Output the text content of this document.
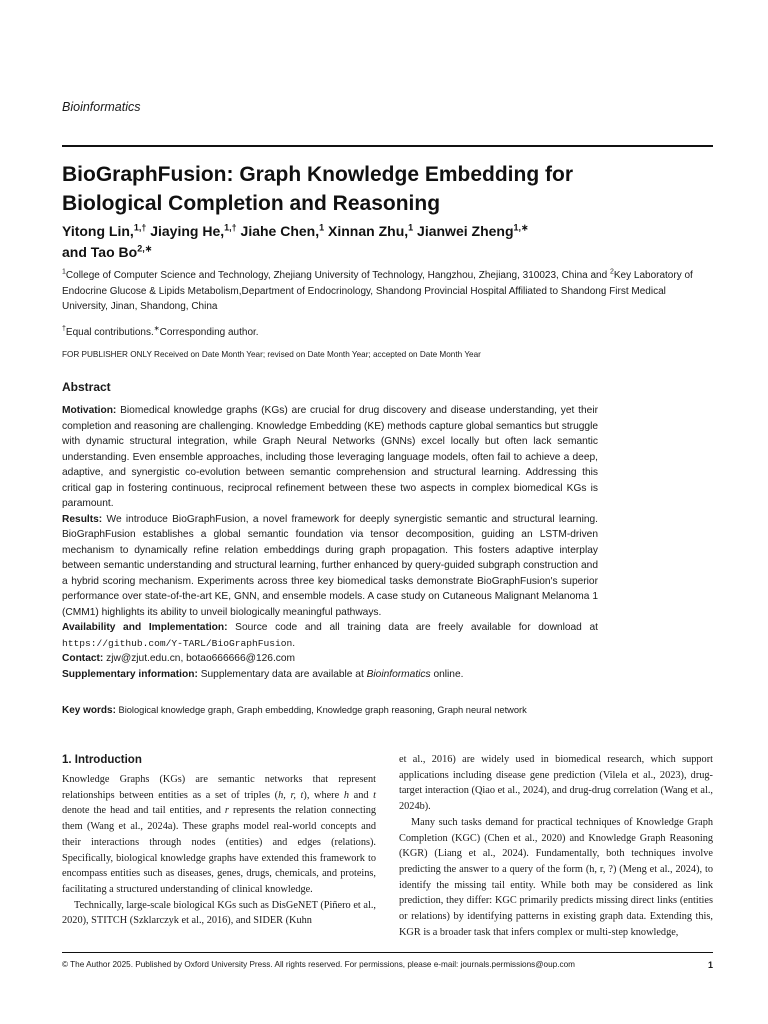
Bioinformatics
BioGraphFusion: Graph Knowledge Embedding for
Biological Completion and Reasoning
Yitong Lin,$^{1,\dagger}$ Jiaying He,$^{1,\dagger}$ Jiahe Chen,$^1$ Xinnan Zhu,$^1$ Jianwei Zheng$^{1,∗}$
and Tao $Bo^{2,∗}$
$^1$College of Computer Science and Technology, Zhejiang University of Technology, Hangzhou, Zhejiang, 310023, China and $^2$Key Laboratory of Endocrine Glucose & Lipids Metabolism,Department of Endocrinology, Shandong Provincial Hospital Affiliated to Shandong First Medical University, Jinan, Shandong, China
†Equal contributions.∗Corresponding author.
FOR PUBLISHER ONLY Received on Date Month Year; revised on Date Month Year; accepted on Date Month Year
Abstract

Motivation: Biomedical knowledge graphs (KGs) are crucial for drug discovery and disease understanding, yet their completion and reasoning are challenging. Knowledge Embedding (KE) methods capture global semantics but struggle with dynamic structural integration, while Graph Neural Networks (GNNs) excel locally but often lack semantic understanding. Even ensemble approaches, including those leveraging language models, often fail to achieve a deep, adaptive, and synergistic co-evolution between semantic comprehension and structural learning. Addressing this critical gap in fostering continuous, reciprocal refinement between these two aspects in complex biomedical KGs is paramount.

Results: We introduce BioGraphFusion, a novel framework for deeply synergistic semantic and structural learning. BioGraphFusion establishes a global semantic foundation via tensor decomposition, guiding an LSTM-driven mechanism to dynamically refine relation embeddings during graph propagation. This fosters adaptive interplay between semantic understanding and structural learning, further enhanced by query-guided subgraph construction and a hybrid scoring mechanism. Experiments across three key biomedical tasks demonstrate BioGraphFusion's superior performance over state-of-the-art KE, GNN, and ensemble models. A case study on Cutaneous Malignant Melanoma 1 (CMM1) highlights its ability to unveil biologically meaningful pathways.

Availability and Implementation: Source code and all training data are freely available for download at https://github.com/Y-TARL/BioGraphFusion.

Contact: zjw@zjut.edu.cn, botao666666@126.com

Supplementary information: Supplementary data are available at Bioinformatics online.

Key words: Biological knowledge graph, Graph embedding, Knowledge graph reasoning, Graph neural network
1. Introduction

Knowledge Graphs (KGs) are semantic networks that represent relationships between entities as a set of triples (h, r, t), where h and t denote the head and tail entities, and r represents the relation connecting them (Wang et al., 2024a). These graphs model real-world concepts and their interactions through nodes (entities) and edges (relations). Specifically, biological knowledge graphs have extended this framework to encompass entities such as diseases, genes, drugs, chemicals, and proteins, facilitating a structured understanding of clinical knowledge.

Technically, large-scale biological KGs such as DisGeNET (Piñero et al., 2020), STITCH (Szklarczyk et al., 2016), and SIDER (Kuhn

et al., 2016) are widely used in biomedical research, which support applications including disease gene prediction (Vilela et al., 2023), drug-target interaction (Qiao et al., 2024), and drug-drug correlation (Wang et al., 2024b).

Many such tasks demand for practical techniques of Knowledge Graph Completion (KGC) (Chen et al., 2020) and Knowledge Graph Reasoning (KGR) (Liang et al., 2024). Fundamentally, both techniques involve predicting the answer to a query of the form (h, r, ?) (Meng et al., 2024), to identify the missing tail entity. While both may be considered as link prediction, they differ: KGC primarily predicts missing direct links (entities or relations) by identifying patterns in existing graph data. Extending this, KGR is a broader task that infers complex or multi-step knowledge,

© The Author 2025. Published by Oxford University Press. All rights reserved. For permissions, please e-mail: journals.permissions@oup.com	1
